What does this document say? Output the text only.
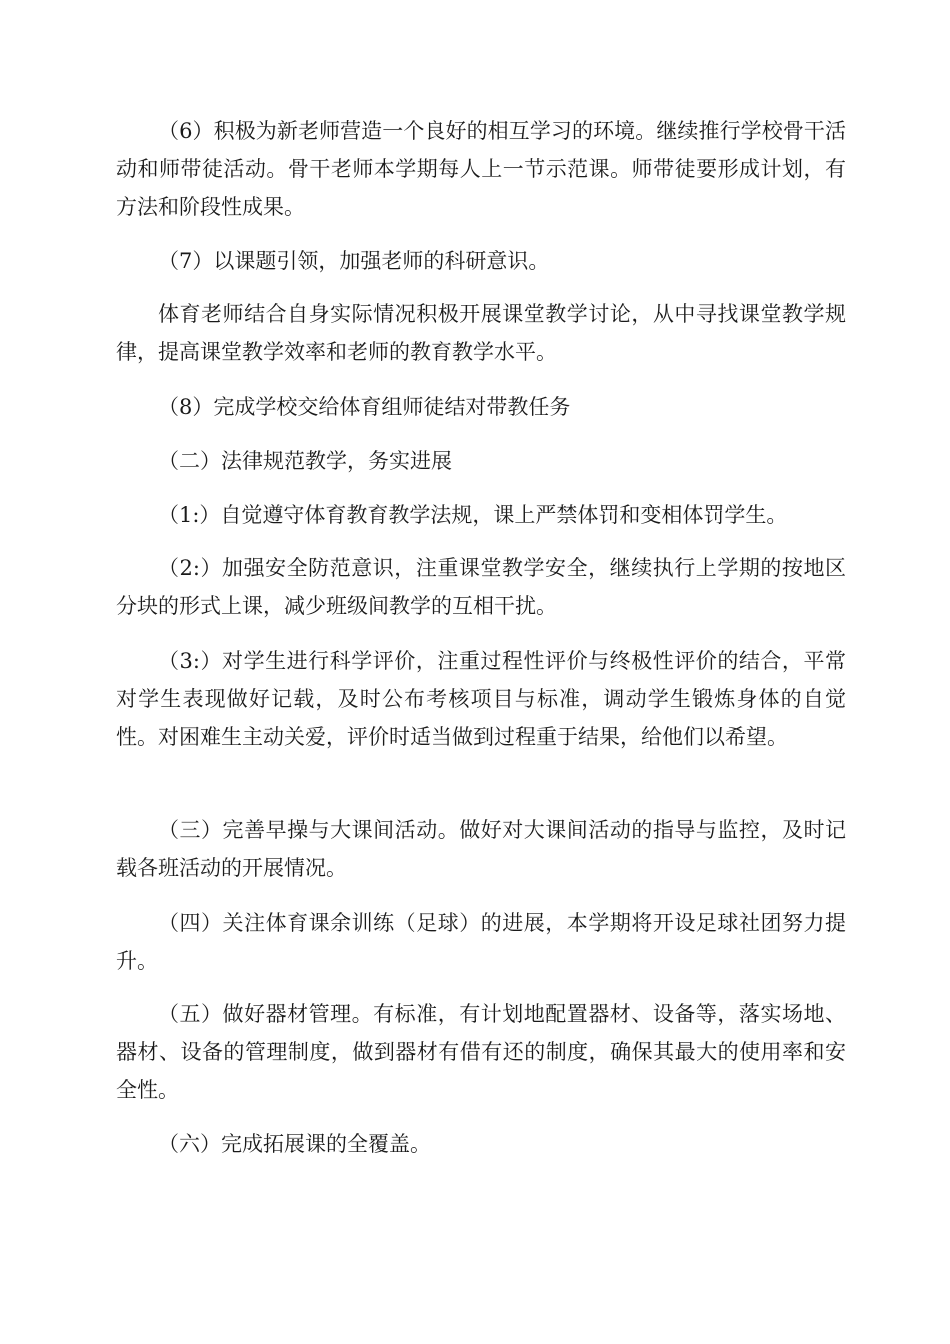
（6）积极为新老师营造一个良好的相互学习的环境。继续推行学校骨干活动和师带徒活动。骨干老师本学期每人上一节示范课。师带徒要形成计划，有方法和阶段性成果。

（7）以课题引领，加强老师的科研意识。

体育老师结合自身实际情况积极开展课堂教学讨论，从中寻找课堂教学规律，提高课堂教学效率和老师的教育教学水平。

（8）完成学校交给体育组师徒结对带教任务

（二）法律规范教学，务实进展

（1:）自觉遵守体育教育教学法规，课上严禁体罚和变相体罚学生。

（2:）加强安全防范意识，注重课堂教学安全，继续执行上学期的按地区分块的形式上课，减少班级间教学的互相干扰。

（3:）对学生进行科学评价，注重过程性评价与终极性评价的结合，平常对学生表现做好记载，及时公布考核项目与标准，调动学生锻炼身体的自觉性。对困难生主动关爱，评价时适当做到过程重于结果，给他们以希望。

（三）完善早操与大课间活动。做好对大课间活动的指导与监控，及时记载各班活动的开展情况。

（四）关注体育课余训练（足球）的进展，本学期将开设足球社团努力提升。

（五）做好器材管理。有标准，有计划地配置器材、设备等，落实场地、器材、设备的管理制度，做到器材有借有还的制度，确保其最大的使用率和安全性。

（六）完成拓展课的全覆盖。
